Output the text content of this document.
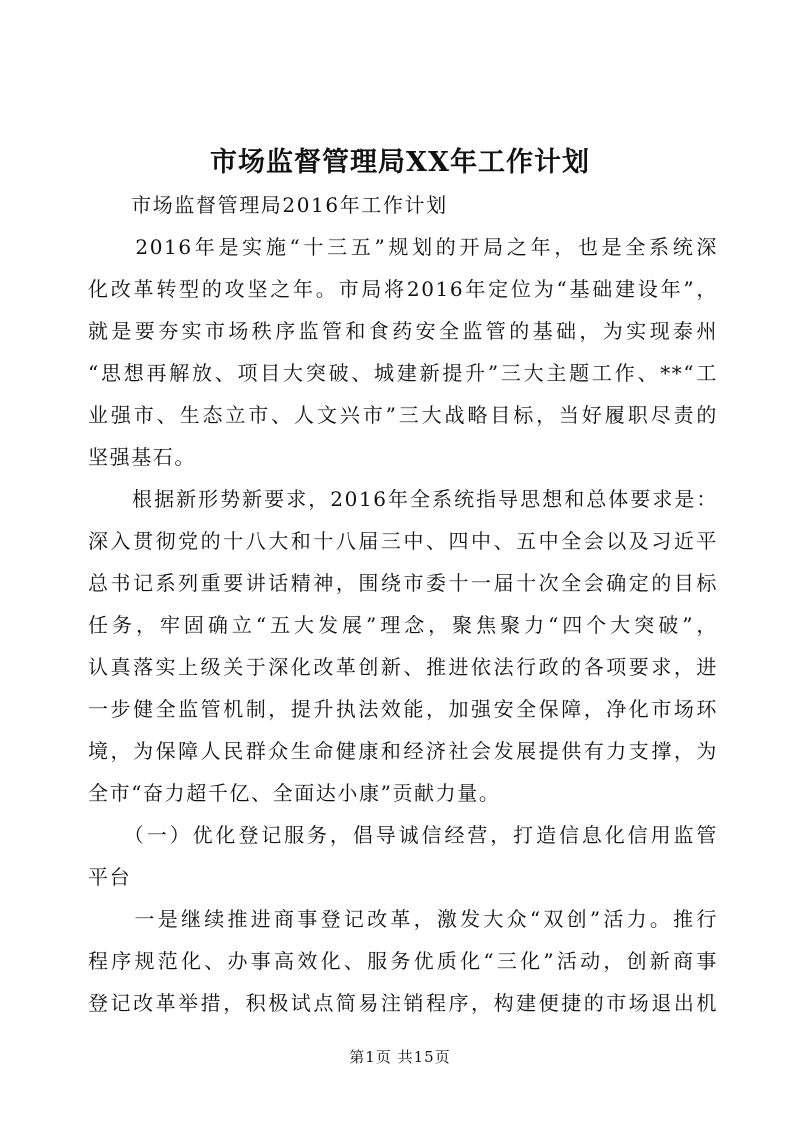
市场监督管理局XX年工作计划
　　市场监督管理局2016年工作计划
　　2016年是实施“十三五”规划的开局之年，也是全系统深
化改革转型的攻坚之年。市局将2016年定位为“基础建设年”，
就是要夯实市场秩序监管和食药安全监管的基础，为实现泰州
“思想再解放、项目大突破、城建新提升”三大主题工作、**“工
业强市、生态立市、人文兴市”三大战略目标，当好履职尽责的
坚强基石。
　　根据新形势新要求，2016年全系统指导思想和总体要求是：
深入贯彻党的十八大和十八届三中、四中、五中全会以及习近平
总书记系列重要讲话精神，围绕市委十一届十次全会确定的目标
任务，牢固确立“五大发展”理念，聚焦聚力“四个大突破”，
认真落实上级关于深化改革创新、推进依法行政的各项要求，进
一步健全监管机制，提升执法效能，加强安全保障，净化市场环
境，为保障人民群众生命健康和经济社会发展提供有力支撑，为
全市“奋力超千亿、全面达小康”贡献力量。
　　（一）优化登记服务，倡导诚信经营，打造信息化信用监管
平台
　　一是继续推进商事登记改革，激发大众“双创”活力。推行
程序规范化、办事高效化、服务优质化“三化”活动，创新商事
登记改革举措，积极试点简易注销程序，构建便捷的市场退出机
第1页 共15页
